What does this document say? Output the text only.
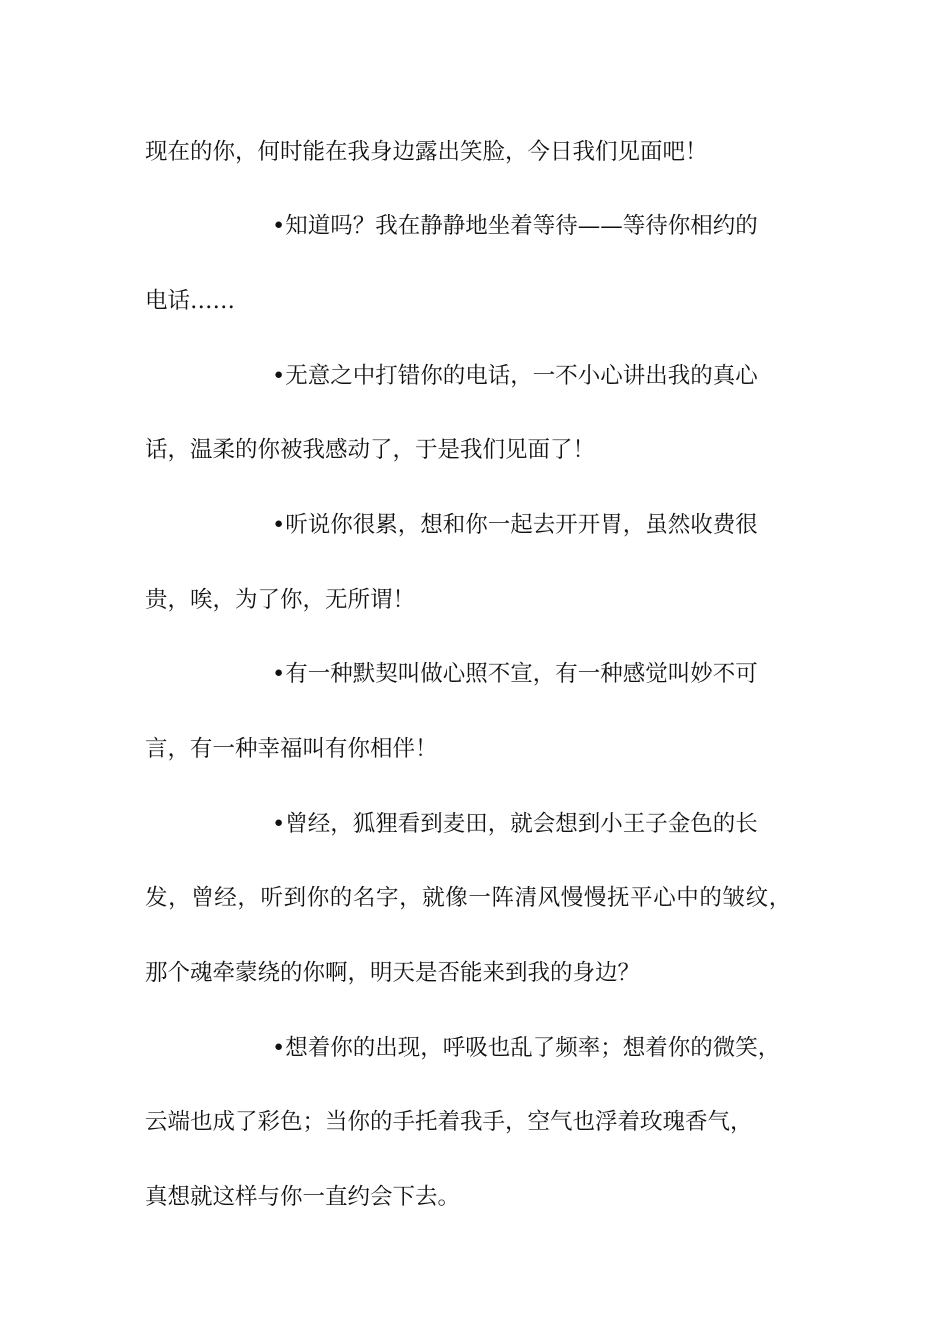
现在的你，何时能在我身边露出笑脸，今日我们见面吧！
•知道吗？我在静静地坐着等待——等待你相约的
电话……
•无意之中打错你的电话，一不小心讲出我的真心
话，温柔的你被我感动了，于是我们见面了！
•听说你很累，想和你一起去开开胃，虽然收费很
贵，唉，为了你，无所谓！
•有一种默契叫做心照不宣，有一种感觉叫妙不可
言，有一种幸福叫有你相伴！
•曾经，狐狸看到麦田，就会想到小王子金色的长
发，曾经，听到你的名字，就像一阵清风慢慢抚平心中的皱纹，
那个魂牵蒙绕的你啊，明天是否能来到我的身边？
•想着你的出现，呼吸也乱了频率；想着你的微笑，
云端也成了彩色；当你的手托着我手，空气也浮着玫瑰香气，
真想就这样与你一直约会下去。
